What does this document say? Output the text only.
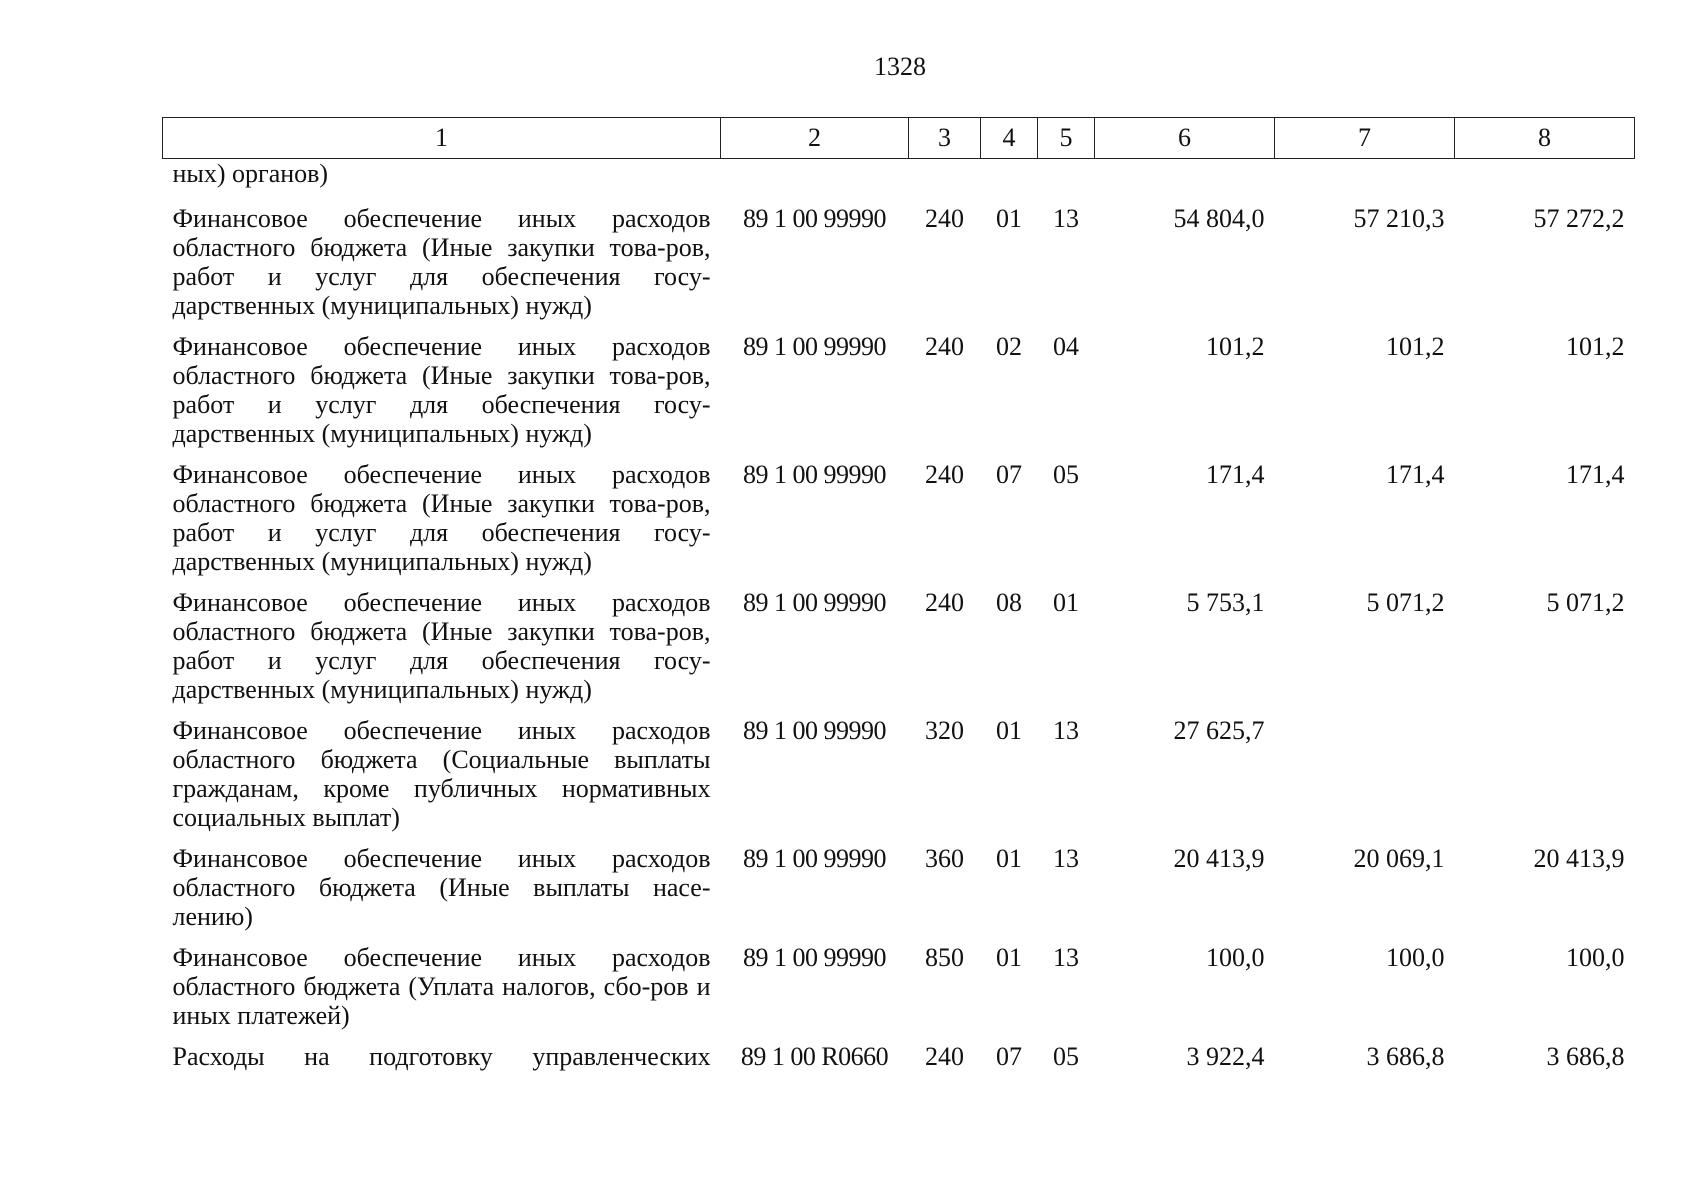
1328
1	2	3	4	5	6	7	8
ных) органов)							
Финансовое обеспечение иных расходов областного бюджета (Иные закупки това-ров, работ и услуг для обеспечения госу-дарственных (муниципальных) нужд)	89 1 00 99990	240	01	13	54 804,0	57 210,3	57 272,2
Финансовое обеспечение иных расходов областного бюджета (Иные закупки това-ров, работ и услуг для обеспечения госу-дарственных (муниципальных) нужд)	89 1 00 99990	240	02	04	101,2	101,2	101,2
Финансовое обеспечение иных расходов областного бюджета (Иные закупки това-ров, работ и услуг для обеспечения госу-дарственных (муниципальных) нужд)	89 1 00 99990	240	07	05	171,4	171,4	171,4
Финансовое обеспечение иных расходов областного бюджета (Иные закупки това-ров, работ и услуг для обеспечения госу-дарственных (муниципальных) нужд)	89 1 00 99990	240	08	01	5 753,1	5 071,2	5 071,2
Финансовое обеспечение иных расходов областного бюджета (Социальные выплаты гражданам, кроме публичных нормативных социальных выплат)	89 1 00 99990	320	01	13	27 625,7		
Финансовое обеспечение иных расходов областного бюджета (Иные выплаты насе-лению)	89 1 00 99990	360	01	13	20 413,9	20 069,1	20 413,9
Финансовое обеспечение иных расходов областного бюджета (Уплата налогов, сбо-ров и иных платежей)	89 1 00 99990	850	01	13	100,0	100,0	100,0
Расходы на подготовку управленческих	89 1 00 R0660	240	07	05	3 922,4	3 686,8	3 686,8
